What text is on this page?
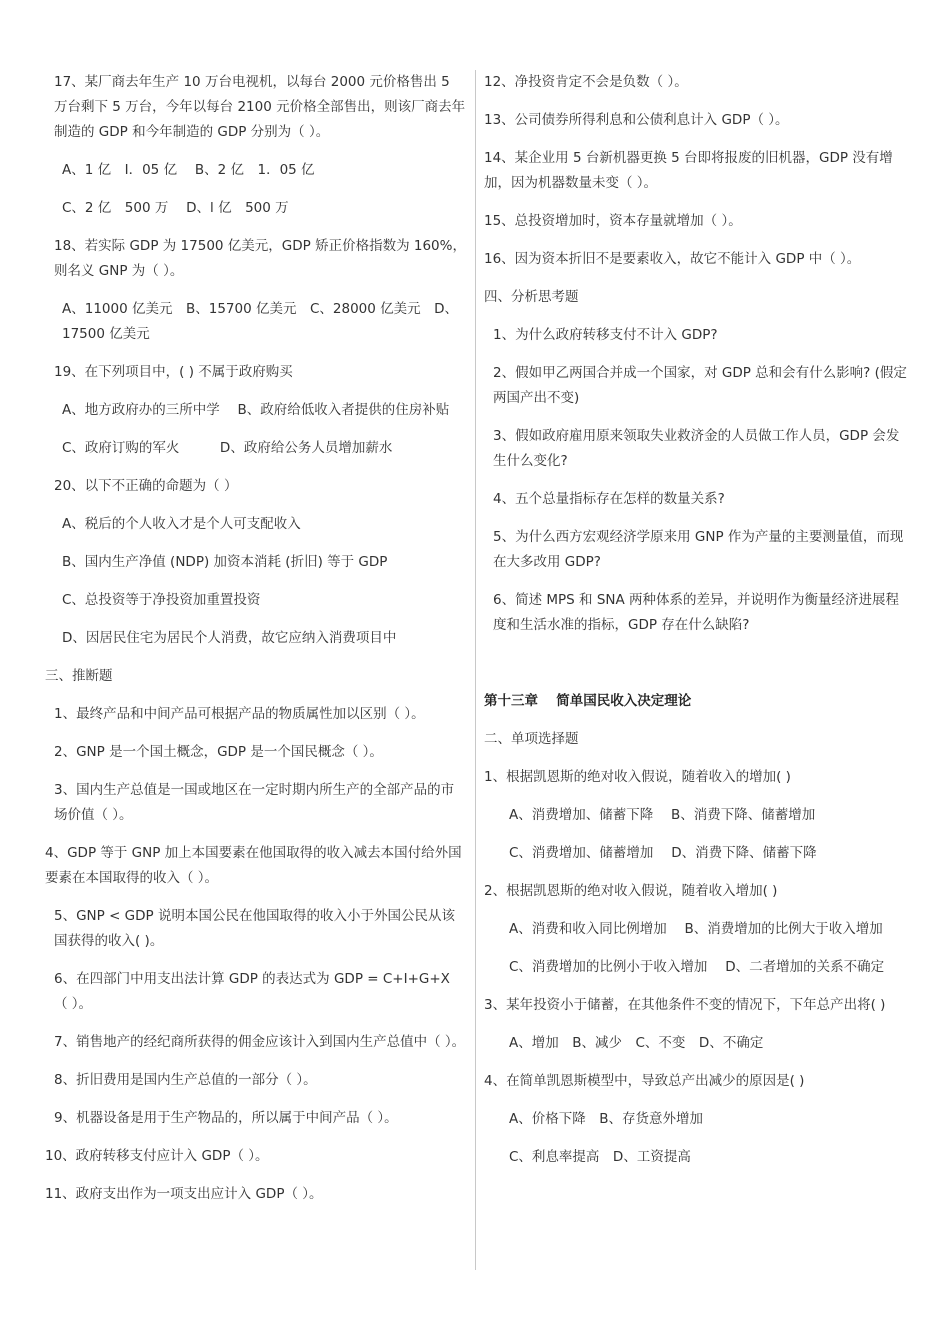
17、某厂商去年生产 10 万台电视机，以每台 2000 元价格售出 5 万台剩下 5 万台，今年以每台 2100 元价格全部售出，则该厂商去年制造的 GDP 和今年制造的 GDP 分别为（ ）。

A、1 亿　I．05 亿　 B、2 亿　1．05 亿

C、2 亿　500 万　 D、l 亿　500 万

18、若实际 GDP 为 17500 亿美元，GDP 矫正价格指数为 160%，则名义 GNP 为（ ）。

A、11000 亿美元　B、15700 亿美元　C、28000 亿美元　D、17500 亿美元

19、在下列项目中，( ) 不属于政府购买

A、地方政府办的三所中学　 B、政府给低收入者提供的住房补贴

C、政府订购的军火　　　D、政府给公务人员增加薪水

20、以下不正确的命题为（ ）

A、税后的个人收入才是个人可支配收入

B、国内生产净值 (NDP) 加资本消耗 (折旧) 等于 GDP

C、总投资等于净投资加重置投资

D、因居民住宅为居民个人消费，故它应纳入消费项目中

三、推断题

1、最终产品和中间产品可根据产品的物质属性加以区别（ ）。

2、GNP 是一个国土概念，GDP 是一个国民概念（ ）。

3、国内生产总值是一国或地区在一定时期内所生产的全部产品的市场价值（ ）。

4、GDP 等于 GNP 加上本国要素在他国取得的收入减去本国付给外国要素在本国取得的收入（ ）。

5、GNP < GDP 说明本国公民在他国取得的收入小于外国公民从该国获得的收入( )。

6、在四部门中用支出法计算 GDP 的表达式为 GDP = C+I+G+X （ ）。

7、销售地产的经纪商所获得的佣金应该计入到国内生产总值中（ ）。

8、折旧费用是国内生产总值的一部分（ ）。

9、机器设备是用于生产物品的，所以属于中间产品（ ）。

10、政府转移支付应计入 GDP（ ）。

11、政府支出作为一项支出应计入 GDP（ ）。

12、净投资肯定不会是负数（ ）。

13、公司债券所得利息和公债利息计入 GDP（ ）。

14、某企业用 5 台新机器更换 5 台即将报废的旧机器，GDP 没有增加，因为机器数量未变（ ）。

15、总投资增加时，资本存量就增加（ ）。

16、因为资本折旧不是要素收入，故它不能计入 GDP 中（ ）。

四、分析思考题

1、为什么政府转移支付不计入 GDP?

2、假如甲乙两国合并成一个国家，对 GDP 总和会有什么影响? (假定两国产出不变)

3、假如政府雇用原来领取失业救济金的人员做工作人员，GDP 会发生什么变化?

4、五个总量指标存在怎样的数量关系?

5、为什么西方宏观经济学原来用 GNP 作为产量的主要测量值，而现在大多改用 GDP?

6、简述 MPS 和 SNA 两种体系的差异，并说明作为衡量经济进展程度和生活水准的指标，GDP 存在什么缺陷?

第十三章　 简单国民收入决定理论

二、单项选择题

1、根据凯恩斯的绝对收入假说，随着收入的增加( )

A、消费增加、储蓄下降　 B、消费下降、储蓄增加

C、消费增加、储蓄增加　 D、消费下降、储蓄下降

2、根据凯恩斯的绝对收入假说，随着收入增加( )

A、消费和收入同比例增加　 B、消费增加的比例大于收入增加

C、消费增加的比例小于收入增加　 D、二者增加的关系不确定

3、某年投资小于储蓄，在其他条件不变的情况下，下年总产出将( )

A、增加　B、减少　C、不变　D、不确定

4、在简单凯恩斯模型中，导致总产出减少的原因是( )

A、价格下降　B、存货意外增加

C、利息率提高　D、工资提高
